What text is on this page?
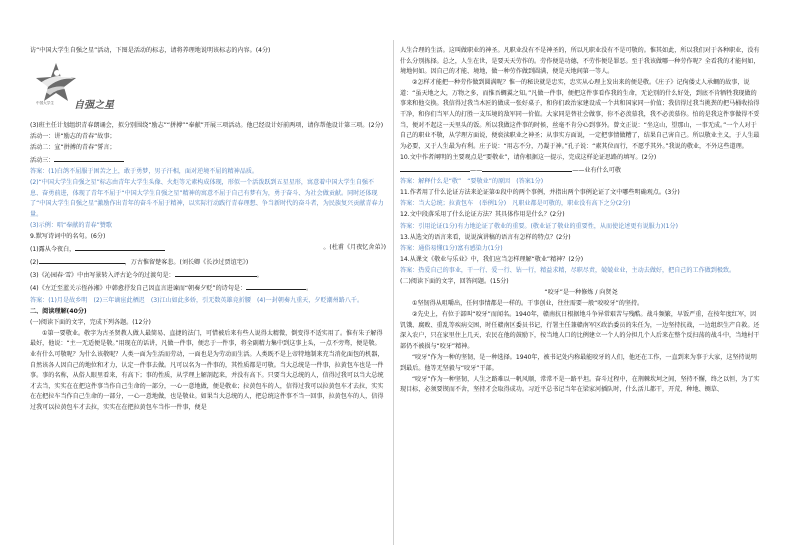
访“中国大学生自强之星”活动，下图是活动的标志，请将养理地说明该标志的内容。(4分)

中国大学生 自强之星

(3)班主任计划组织青春朗诵会，拟分别围绕“励志”“拼搏”“奉献”开展三项活动。他已经设计好前两项，请你帮他设计第三项。(2分)

活动一：讲“励志的青春”故事；

活动二：宣“拼搏的青春”誓言；

活动三：

答案：(1)白鸽不屈服于困苦之上，敢于勇梦，男子汗相，面对逆境不屈的精神品质。

(2)“中国大学生自强之星”标志由青年大学生头像、火炬等元素构成体现，形似一个活泼跃到五星星形，寓意着中国大学生自强不息、奋勇前进，体现了青年不屈于“中国大学生自强之星”精神的寓意不屈于自己有梦有为，勇于奋斗、为社会做贡献。同时还体现了“中国大学生自强之星”激励作出青年的奋斗不屈于精神，以实际行动践行青春理想、争当新时代的奋斗者，为民族复兴贡献青春力量。

(3)示例：唱“奉献的青春”赞歌

9.默写诗词中的名句。(6分)

(1)露从今夜白，	。(杜甫《月夜忆舍弟》)

(2)	，万古惟留楚客悲。(刘长卿《长沙过贾谊宅》)

(3)《沁园春·雪》中由写景转入评古论今的过渡句是：	。

(4)《左迁至蓝关示侄孙湘》中韩愈抒发自己因直言进谏而“朝奏夕贬”的诗句是：	。

答案：(1)月是故乡明　(2)三年谪宦此栖迟　(3)江山如此多娇，引无数英雄竞折腰　(4)一封朝奏九重天，夕贬潮州路八千。

二、阅读理解(40分)

(一)阅读下面的文字，完成下列各题。(12分)

①第一要敬业。敬字为古圣贤教人做人最简易、直捷的法门，可惜被后来有些人说得太精微，倒变得不适实用了。惟有朱子解得最好，他说：“主一无适便是敬。”用现在的话讲，凡做一件事，便忠于一件事，将全副精力集中到这事上头，一点不旁骛，便是敬。业有什么可敬呢？为什么该敬呢？人类一面为生活而劳动，一面也是为劳动而生活。人类既不是上帝特地制来充当消化面包的机器，自然该各人因自己的地位和才力，认定一件事去做。凡可以名为一件事的，其性质都是可敬。当大总统是一件事，拉黄包车也是一件事。事的名称，从俗人眼里看来，有高下；事的性质，从学理上解剖起来，并没有高下。只要当大总统的人，信得过我可以当大总统才去当，实实在在把这件事当作自己生命的一部分，一心一意地做，便是敬业；拉黄包车的人，信得过我可以拉黄包车才去拉，实实在在把拉车当作自己生命的一部分，一心一意地做，也是敬业。如果当大总统的人，把总统这件事不当一回事，拉黄包车的人，信得过我可以拉黄包车才去拉，实实在在把拉黄包车当作一件事，便是

人生合理的生活。这叫做职业的神圣。凡职业没有不是神圣的，所以凡职业没有不是可敬的。惟其如此，所以我们对于各种职业，没有什么分别拣择。总之，人生在世，是要天天劳作的。劳作便是功德，不劳作便是罪恶。至于我该做哪一种劳作呢？全看我的才能何如，境地何如。因自己的才能、境地，做一种劳作做到圆满，便是天地间第一等人。

②怎样才能把一种劳作做到圆满呢？惟一的秘诀就是忠实，忠实从心理上发出来的便是敬。《庄子》记佝偻丈人承蜩的故事，说道：“虽天地之大，万物之多，而惟吾蜩翼之知。”凡做一件事，便把这件事看作我的生命，无论别的什么好处，到底不肯牺牲我现做的事来和他交换。我信得过我当木匠的做成一张好桌子，和你们政治家建设成一个共和国家同一价值；我信得过我当挑粪的把马桶收拾得干净，和你们当军人的打胜一支压境的敌军同一价值。大家同是替社会做事，你不必羡慕我，我不必羡慕你。怕的是我这件事做得不妥当，便对不起这一天里头的饭。所以我做这件事的时候，丝毫不肯分心到事外。曾文正说：“坐这山，望那山，一事无成。”一个人对于自己的职业不敬，从学理方面说，便亵渎职业之神圣；从事实方面说，一定把事情做糟了，结果自己害自己。所以敬业主义，于人生最为必要，又于人生最为有利。庄子说：“用志不分，乃凝于神。”孔子说：“素其位而行，不愿乎其外。”我说的敬业，不外这些道理。

10.文中作者阐明的主要观点是“要敬业”，请你根据这一提示，完成这样论证思路的填写。(2分)

——	——业有什么可敬

答案：解释什么是“敬”　“要敬业”的原因　(答案1分)

11.作者用了什么论证方法来论证第①段中的两个事例，并指出两个事例论证了文中哪些明确观点。(3分)

答案：当大总统；拉黄包车　(举例1分)　凡职业都是可敬的，职业没有高下之分(2分)

12.文中段落采用了什么论证方法？其具体作用是什么？(2分)

答案：引用论证(1分)有力地论证了敬业的重要。(敬业证了敬业的重要性，从而使论述更有说服力)(1分)

13.从选文的语言来看，说说演讲稿的语言有怎样的特点？(2分)

答案：通俗易懂(1分)富有感染力(1分)

14.从课文《敬业与乐业》中，我们应当怎样理解“敬业”精神？(2分)

答案：热爱自己的事业，干一行、爱一行、钻一行，精益求精，尽职尽责，兢兢业业，主动去做好，把自己的工作做到极致。

(二)阅读下面的文字，回答问题。(15分)

“咬牙”是一种修炼 / 向贤尧

①坚韧得从咀嚼出，任何事情都是一样的。干事创业，往往需要一般“咬咬牙”的坚持。

②先史上，有位于部叫“咬牙”而闻名。1940年，赣南抗日根据地斗争异常艰苦与残酷。战斗频繁，早饭严重，在按年度红军，因饥饿、腐败、重乱等疾病交困，时任赣南区委员书记，行署主任兼赣南军区政治委员的朱任为，一边坚持抗战，一边组织生产自救。还深入农户，只在家里住上几天，农民在他的鼓励下，按当地人口的比例建立一个人的分担几个人后来在整个反扫荡的战斗中，当地村干部仍不被损与“咬牙”精神。

“咬牙”作为一种的坚韧，是一种选择。1940年，被书记处内称最能咬牙的人们，他还在工作，一直到来为事于大家，这坚持说明到最后。他等无坚毅与“咬牙”干部。

“咬牙”作为一种坚韧，人生之路难以一帆风顺，常常不是一路平坦。奋斗过程中，在荆棘坎坷之间，坚持不懈，终之以恒，为了实现目标，必须要锲而不舍，坚持才会取得成功。习近平总书记当年在梁家河插队时，什么活儿都干，开荒、种地、铡草、
